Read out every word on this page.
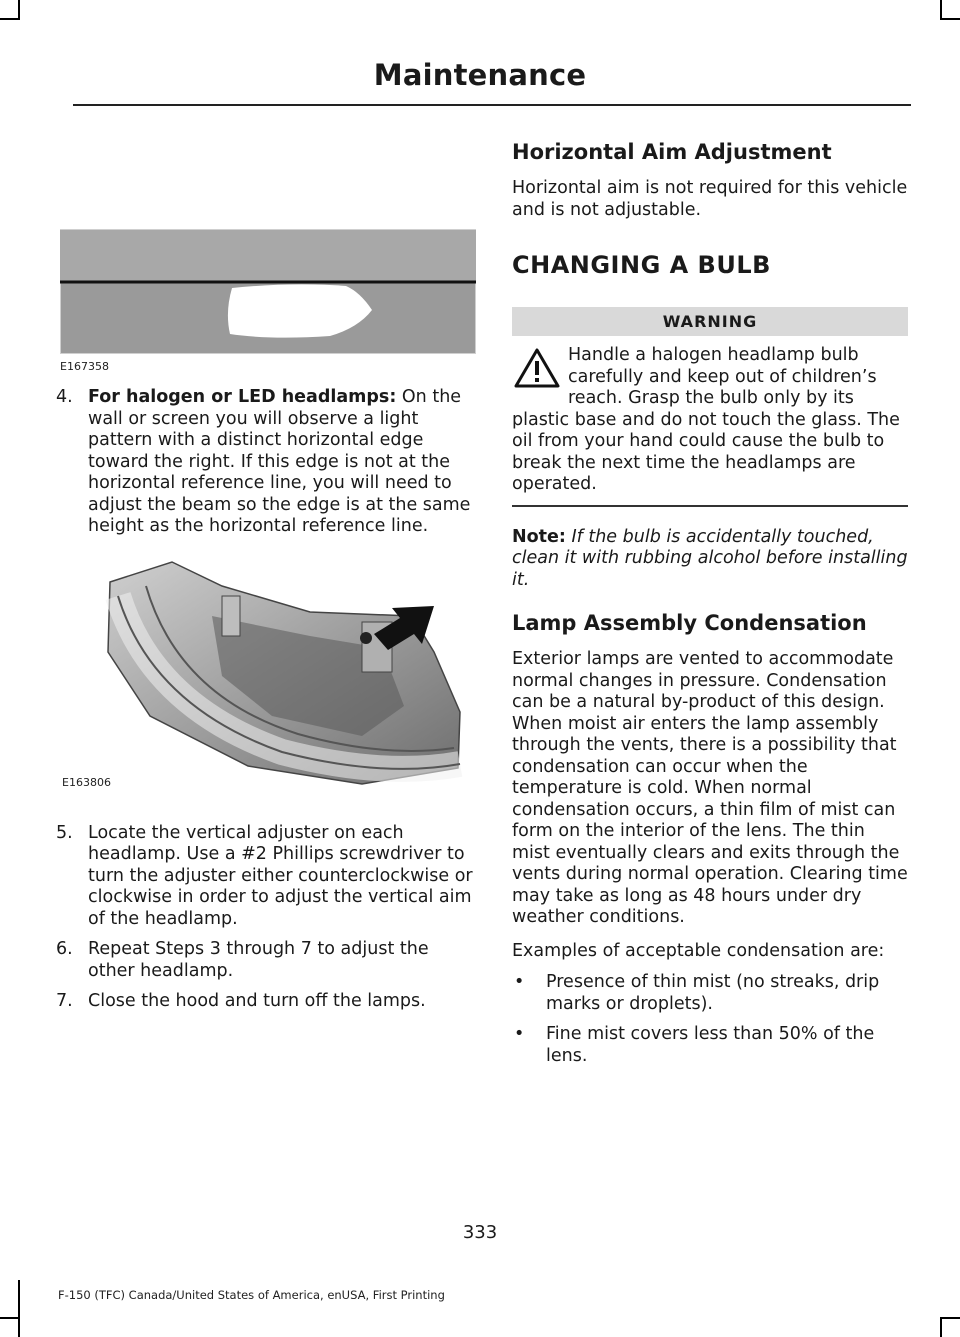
Maintenance
E167358
4. For halogen or LED headlamps: On the wall or screen you will observe a light pattern with a distinct horizontal edge toward the right. If this edge is not at the horizontal reference line, you will need to adjust the beam so the edge is at the same height as the horizontal reference line.
E163806
5. Locate the vertical adjuster on each headlamp. Use a #2 Phillips screwdriver to turn the adjuster either counterclockwise or clockwise in order to adjust the vertical aim of the headlamp.
6. Repeat Steps 3 through 7 to adjust the other headlamp.
7. Close the hood and turn off the lamps.
Horizontal Aim Adjustment

Horizontal aim is not required for this vehicle and is not adjustable.

CHANGING A BULB
WARNING

Handle a halogen headlamp bulb carefully and keep out of children’s reach. Grasp the bulb only by its plastic base and do not touch the glass. The oil from your hand could cause the bulb to break the next time the headlamps are operated.

Note: If the bulb is accidentally touched, clean it with rubbing alcohol before installing it.

Lamp Assembly Condensation

Exterior lamps are vented to accommodate normal changes in pressure. Condensation can be a natural by-product of this design. When moist air enters the lamp assembly through the vents, there is a possibility that condensation can occur when the temperature is cold. When normal condensation occurs, a thin film of mist can form on the interior of the lens. The thin mist eventually clears and exits through the vents during normal operation. Clearing time may take as long as 48 hours under dry weather conditions.

Examples of acceptable condensation are:

•	Presence of thin mist (no streaks, drip marks or droplets).
•	Fine mist covers less than 50% of the lens.
333
F-150 (TFC) Canada/United States of America, enUSA, First Printing
